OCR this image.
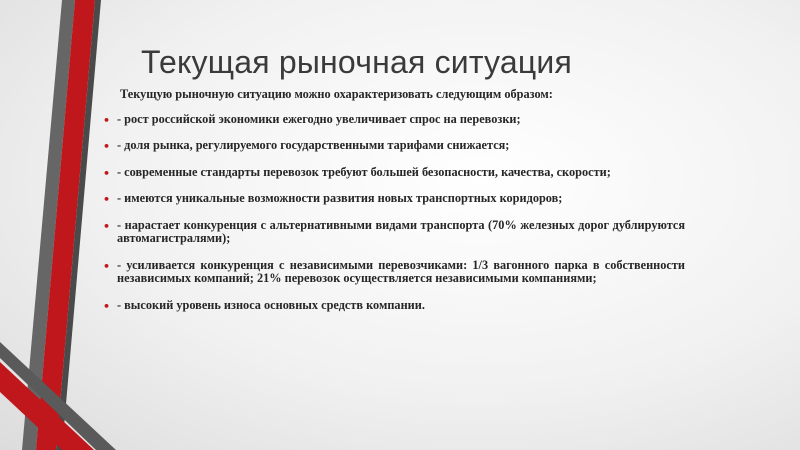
Текущая рыночная ситуация

Текущую рыночную ситуацию можно охарактеризовать следующим образом:

• - рост российской экономики ежегодно увеличивает спрос на перевозки;
• - доля рынка, регулируемого государственными тарифами снижается;
• - современные стандарты перевозок требуют большей безопасности, качества, скорости;
• - имеются уникальные возможности развития новых транспортных коридоров;
• - нарастает конкуренция с альтернативными видами транспорта (70% железных дорог дублируются автомагистралями);
• - усиливается конкуренция с независимыми перевозчиками: 1/3 вагонного парка в собственности независимых компаний; 21% перевозок осуществляется независимыми компаниями;
• - высокий уровень износа основных средств компании.
